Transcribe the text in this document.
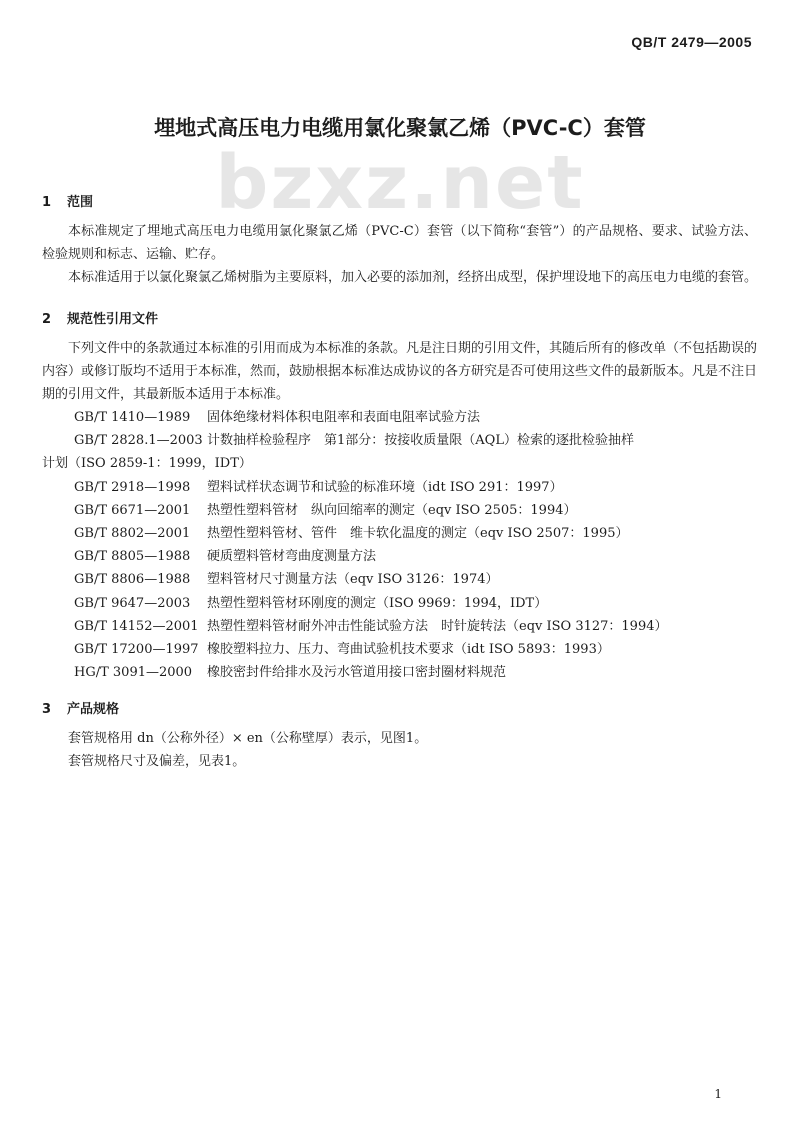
bzxz.net
QB/T 2479—2005
埋地式高压电力电缆用氯化聚氯乙烯（PVC-C）套管
1 范围

本标准规定了埋地式高压电力电缆用氯化聚氯乙烯（PVC-C）套管（以下简称“套管”）的产品规格、要求、试验方法、检验规则和标志、运输、贮存。

本标准适用于以氯化聚氯乙烯树脂为主要原料，加入必要的添加剂，经挤出成型，保护埋设地下的高压电力电缆的套管。

2 规范性引用文件

下列文件中的条款通过本标准的引用而成为本标准的条款。凡是注日期的引用文件，其随后所有的修改单（不包括勘误的内容）或修订版均不适用于本标准，然而，鼓励根据本标准达成协议的各方研究是否可使用这些文件的最新版本。凡是不注日期的引用文件，其最新版本适用于本标准。

GB/T 1410—1989 固体绝缘材料体积电阻率和表面电阻率试验方法
GB/T 2828.1—2003 计数抽样检验程序　第1部分：按接收质量限（AQL）检索的逐批检验抽样
计划（ISO 2859-1：1999，IDT）
GB/T 2918—1998 塑料试样状态调节和试验的标准环境（idt ISO 291：1997）
GB/T 6671—2001 热塑性塑料管材　纵向回缩率的测定（eqv ISO 2505：1994）
GB/T 8802—2001 热塑性塑料管材、管件　维卡软化温度的测定（eqv ISO 2507：1995）
GB/T 8805—1988 硬质塑料管材弯曲度测量方法
GB/T 8806—1988 塑料管材尺寸测量方法（eqv ISO 3126：1974）
GB/T 9647—2003 热塑性塑料管材环刚度的测定（ISO 9969：1994，IDT）
GB/T 14152—2001 热塑性塑料管材耐外冲击性能试验方法　时针旋转法（eqv ISO 3127：1994）
GB/T 17200—1997 橡胶塑料拉力、压力、弯曲试验机技术要求（idt ISO 5893：1993）
HG/T 3091—2000 橡胶密封件给排水及污水管道用接口密封圈材料规范
3 产品规格

套管规格用 dn（公称外径）× en（公称壁厚）表示，见图1。

套管规格尺寸及偏差，见表1。

1
